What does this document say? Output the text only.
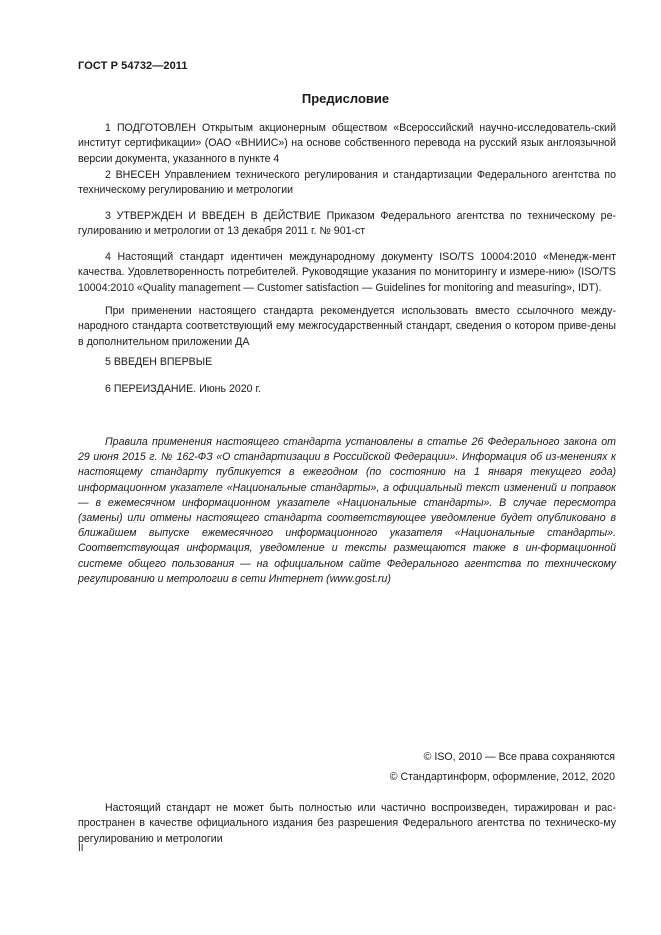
ГОСТ Р 54732—2011
Предисловие

1 ПОДГОТОВЛЕН Открытым акционерным обществом «Всероссийский научно-исследователь-ский институт сертификации» (ОАО «ВНИИС») на основе собственного перевода на русский язык англоязычной версии документа, указанного в пункте 4

2 ВНЕСЕН Управлением технического регулирования и стандартизации Федерального агентства по техническому регулированию и метрологии

3 УТВЕРЖДЕН И ВВЕДЕН В ДЕЙСТВИЕ Приказом Федерального агентства по техническому ре-гулированию и метрологии от 13 декабря 2011 г. № 901-ст

4 Настоящий стандарт идентичен международному документу ISO/TS 10004:2010 «Менедж-мент качества. Удовлетворенность потребителей. Руководящие указания по мониторингу и измере-нию» (ISO/TS 10004:2010 «Quality management — Customer satisfaction — Guidelines for monitoring and measuring», IDT).

При применении настоящего стандарта рекомендуется использовать вместо ссылочного между-народного стандарта соответствующий ему межгосударственный стандарт, сведения о котором приве-дены в дополнительном приложении ДА

5 ВВЕДЕН ВПЕРВЫЕ

6 ПЕРЕИЗДАНИЕ. Июнь 2020 г.

Правила применения настоящего стандарта установлены в статье 26 Федерального закона от 29 июня 2015 г. № 162-ФЗ «О стандартизации в Российской Федерации». Информация об из-менениях к настоящему стандарту публикуется в ежегодном (по состоянию на 1 января текущего года) информационном указателе «Национальные стандарты», а официальный текст изменений и поправок — в ежемесячном информационном указателе «Национальные стандарты». В случае пересмотра (замены) или отмены настоящего стандарта соответствующее уведомление будет опубликовано в ближайшем выпуске ежемесячного информационного указателя «Национальные стандарты». Соответствующая информация, уведомление и тексты размещаются также в ин-формационной системе общего пользования — на официальном сайте Федерального агентства по техническому регулированию и метрологии в сети Интернет (www.gost.ru)

© ISO, 2010 — Все права сохраняются
© Стандартинформ, оформление, 2012, 2020

Настоящий стандарт не может быть полностью или частично воспроизведен, тиражирован и рас-пространен в качестве официального издания без разрешения Федерального агентства по техническо-му регулированию и метрологии

II
